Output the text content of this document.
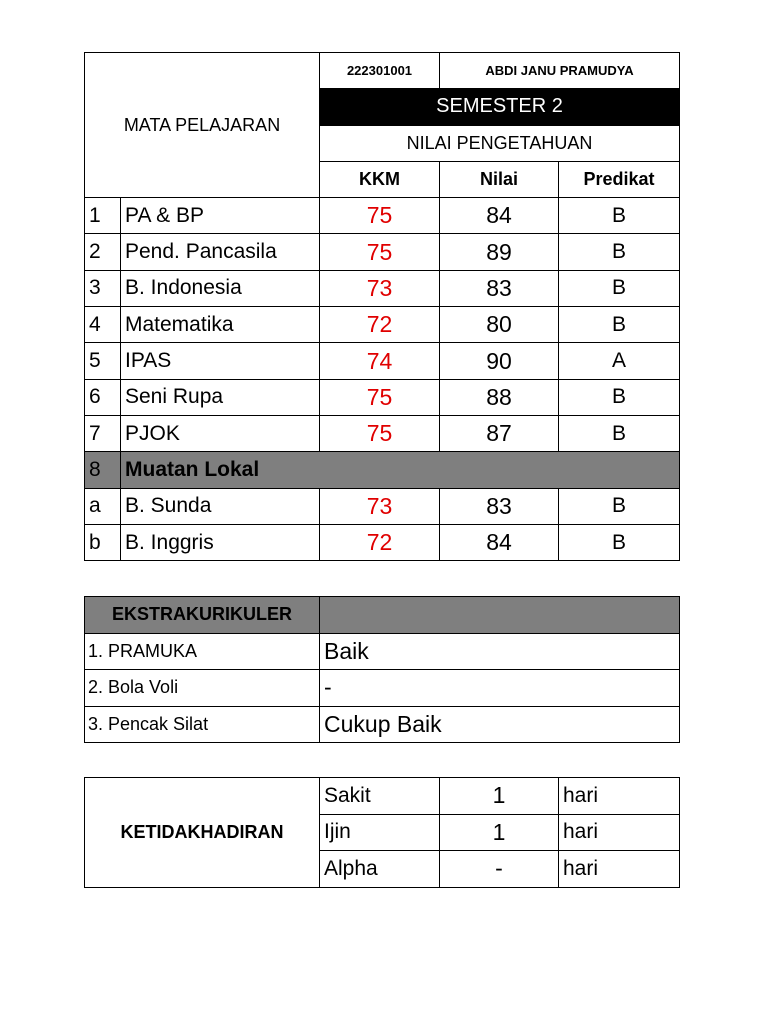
MATA PELAJARAN		222301001	ABDI JANU PRAMUDYA	
		SEMESTER 2		
		NILAI PENGETAHUAN		
		KKM	Nilai	Predikat
1	PA & BP	75	84	B
2	Pend. Pancasila	75	89	B
3	B. Indonesia	73	83	B
4	Matematika	72	80	B
5	IPAS	74	90	A
6	Seni Rupa	75	88	B
7	PJOK	75	87	B
8	Muatan Lokal			
a	B. Sunda	73	83	B
b	B. Inggris	72	84	B
EKSTRAKURIKULER	
1. PRAMUKA	Baik
2. Bola Voli	-
3. Pencak Silat	Cukup Baik
KETIDAKHADIRAN	Sakit	1	hari
	Ijin	1	hari
	Alpha	-	hari
